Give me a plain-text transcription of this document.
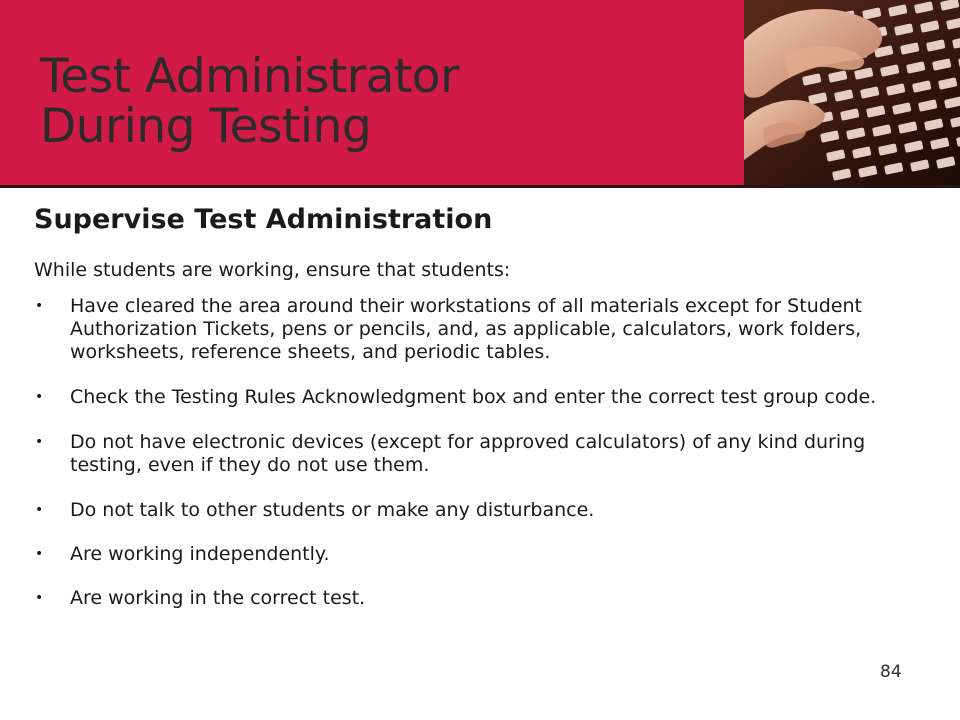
Test Administrator
During Testing
Supervise Test Administration

While students are working, ensure that students:

• Have cleared the area around their workstations of all materials except for Student Authorization Tickets, pens or pencils, and, as applicable, calculators, work folders, worksheets, reference sheets, and periodic tables.
• Check the Testing Rules Acknowledgment box and enter the correct test group code.
• Do not have electronic devices (except for approved calculators) of any kind during testing, even if they do not use them.
• Do not talk to other students or make any disturbance.
• Are working independently.
• Are working in the correct test.
84
